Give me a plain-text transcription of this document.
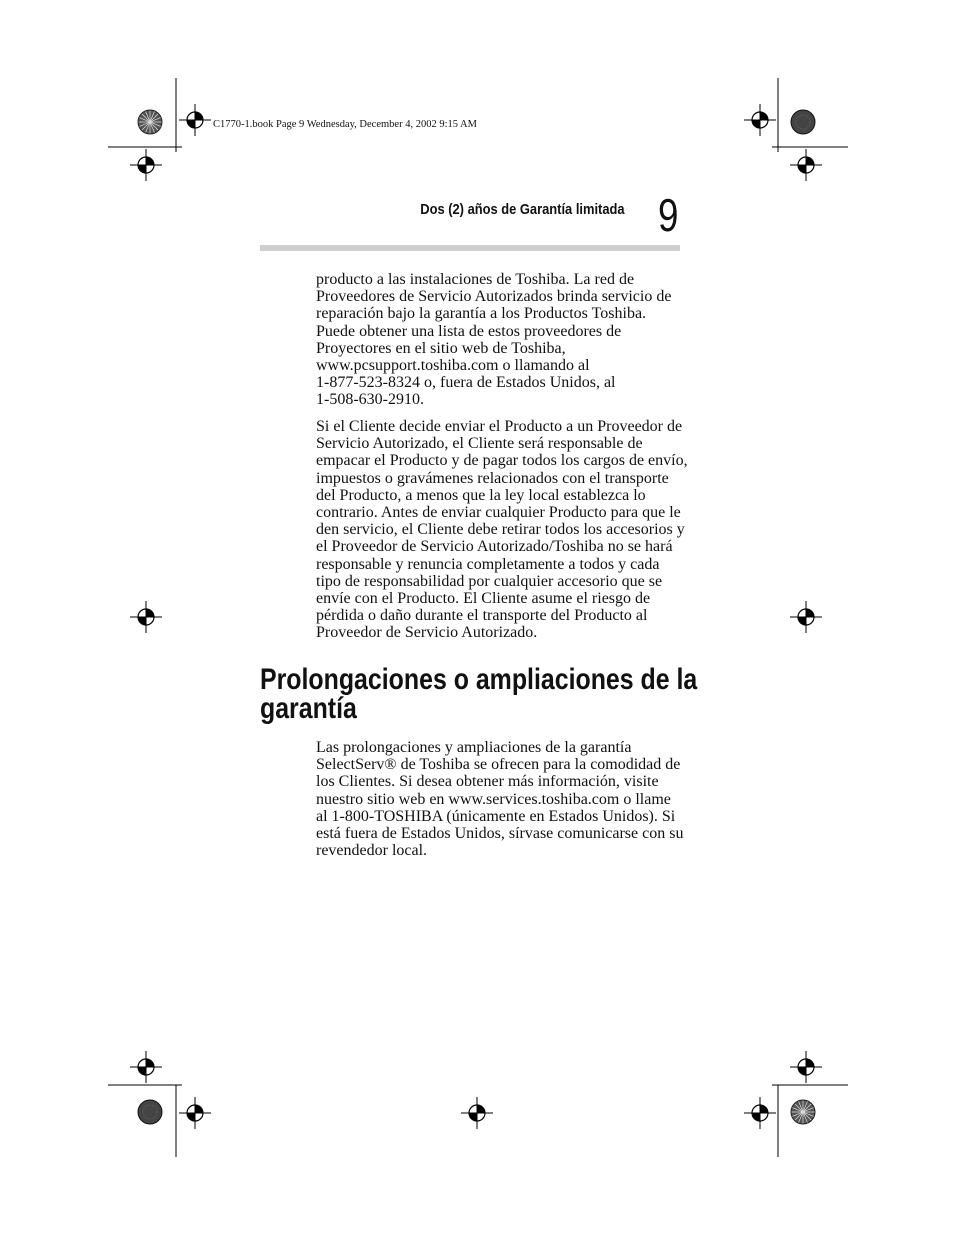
C1770-1.book Page 9 Wednesday, December 4, 2002 9:15 AM
Dos (2) años de Garantía limitada 9

producto a las instalaciones de Toshiba. La red de
Proveedores de Servicio Autorizados brinda servicio de
reparación bajo la garantía a los Productos Toshiba.
Puede obtener una lista de estos proveedores de
Proyectores en el sitio web de Toshiba,
www.pcsupport.toshiba.com o llamando al
1-877-523-8324 o, fuera de Estados Unidos, al
1-508-630-2910.

Si el Cliente decide enviar el Producto a un Proveedor de
Servicio Autorizado, el Cliente será responsable de
empacar el Producto y de pagar todos los cargos de envío,
impuestos o gravámenes relacionados con el transporte
del Producto, a menos que la ley local establezca lo
contrario. Antes de enviar cualquier Producto para que le
den servicio, el Cliente debe retirar todos los accesorios y
el Proveedor de Servicio Autorizado/Toshiba no se hará
responsable y renuncia completamente a todos y cada
tipo de responsabilidad por cualquier accesorio que se
envíe con el Producto. El Cliente asume el riesgo de
pérdida o daño durante el transporte del Producto al
Proveedor de Servicio Autorizado.

Prolongaciones o ampliaciones de la
garantía

Las prolongaciones y ampliaciones de la garantía
SelectServ® de Toshiba se ofrecen para la comodidad de
los Clientes. Si desea obtener más información, visite
nuestro sitio web en www.services.toshiba.com o llame
al 1-800-TOSHIBA (únicamente en Estados Unidos). Si
está fuera de Estados Unidos, sírvase comunicarse con su
revendedor local.
